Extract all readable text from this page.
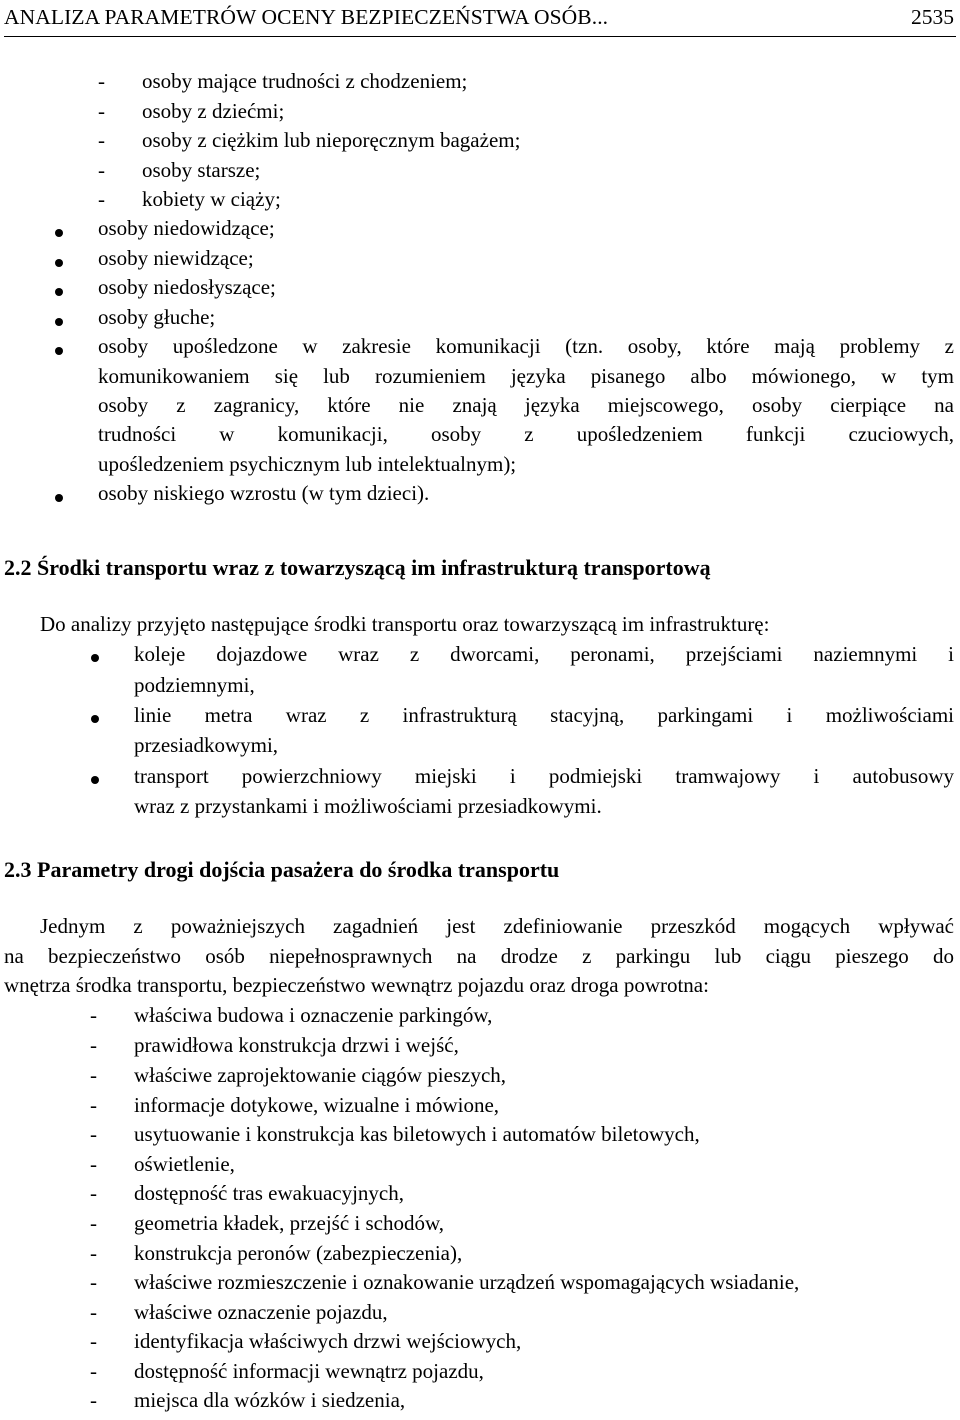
ANALIZA PARAMETRÓW OCENY BEZPIECZEŃSTWA OSÓB...	2535
- osoby mające trudności z chodzeniem;
- osoby z dziećmi;
- osoby z ciężkim lub nieporęcznym bagażem;
- osoby starsze;
- kobiety w ciąży;
osoby niedowidzące;
osoby niewidzące;
osoby niedosłyszące;
osoby głuche;
osoby upośledzone w zakresie komunikacji (tzn. osoby, które mają problemy z
komunikowaniem się lub rozumieniem języka pisanego albo mówionego, w tym
osoby z zagranicy, które nie znają języka miejscowego, osoby cierpiące na
trudności w komunikacji, osoby z upośledzeniem funkcji czuciowych,
upośledzeniem psychicznym lub intelektualnym);
osoby niskiego wzrostu (w tym dzieci).
2.2 Środki transportu wraz z towarzyszącą im infrastrukturą transportową
Do analizy przyjęto następujące środki transportu oraz towarzyszącą im infrastrukturę:
koleje dojazdowe wraz z dworcami, peronami, przejściami naziemnymi i
podziemnymi,
linie metra wraz z infrastrukturą stacyjną, parkingami i możliwościami
przesiadkowymi,
transport powierzchniowy miejski i podmiejski tramwajowy i autobusowy
wraz z przystankami i możliwościami przesiadkowymi.
2.3 Parametry drogi dojścia pasażera do środka transportu
Jednym z poważniejszych zagadnień jest zdefiniowanie przeszkód mogących wpływać
na bezpieczeństwo osób niepełnosprawnych na drodze z parkingu lub ciągu pieszego do
wnętrza środka transportu, bezpieczeństwo wewnątrz pojazdu oraz droga powrotna:
- właściwa budowa i oznaczenie parkingów,
- prawidłowa konstrukcja drzwi i wejść,
- właściwe zaprojektowanie ciągów pieszych,
- informacje dotykowe, wizualne i mówione,
- usytuowanie i konstrukcja kas biletowych i automatów biletowych,
- oświetlenie,
- dostępność tras ewakuacyjnych,
- geometria kładek, przejść i schodów,
- konstrukcja peronów (zabezpieczenia),
- właściwe rozmieszczenie i oznakowanie urządzeń wspomagających wsiadanie,
- właściwe oznaczenie pojazdu,
- identyfikacja właściwych drzwi wejściowych,
- dostępność informacji wewnątrz pojazdu,
- miejsca dla wózków i siedzenia,
